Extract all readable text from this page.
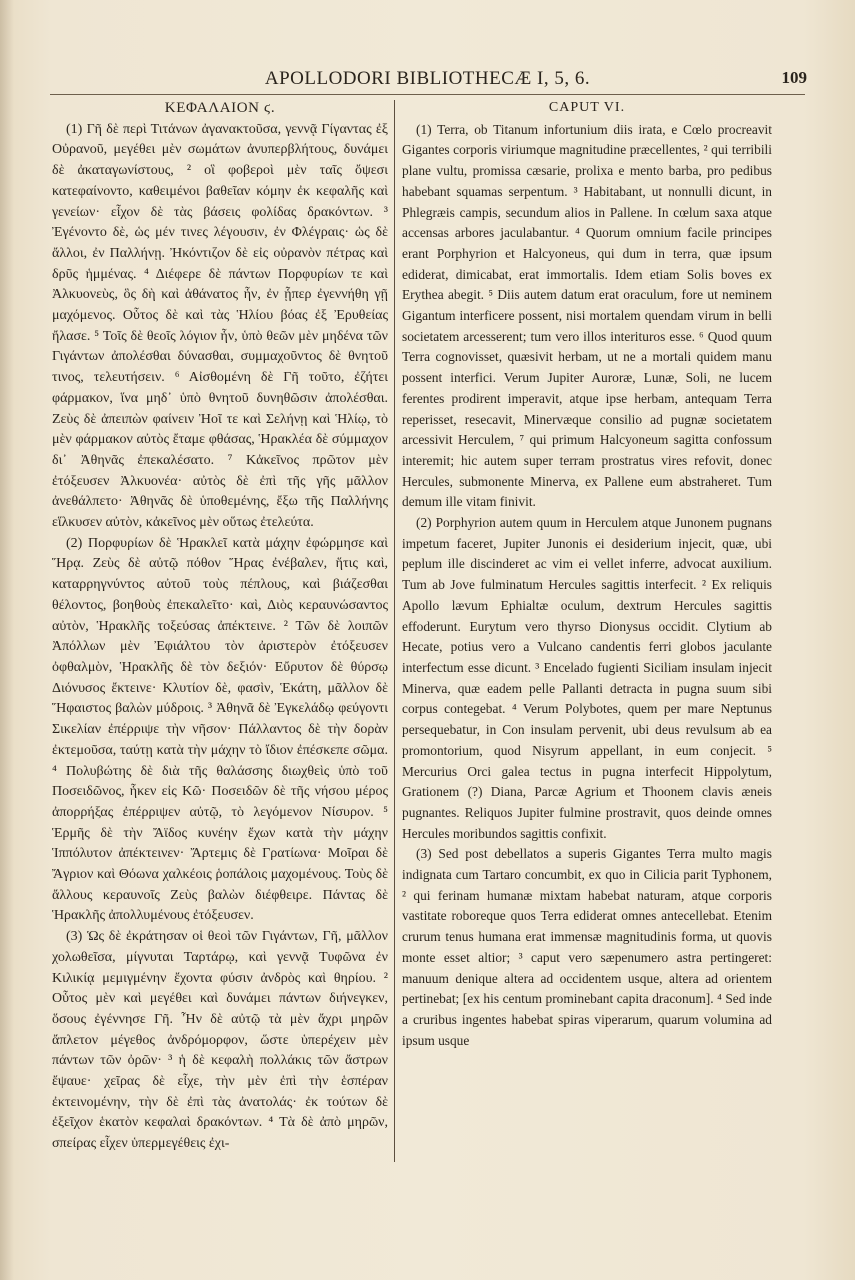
APOLLODORI BIBLIOTHECÆ I, 5, 6.	109
ΚΕΦΑΛΑΙΟΝ ϛ.

(1) Γῆ δὲ περὶ Τιτάνων ἀγανακτοῦσα, γεννᾷ Γίγαντας ἐξ Οὐρανοῦ, μεγέθει μὲν σωμάτων ἀνυπερβλήτους, δυνάμει δὲ ἀκαταγωνίστους, ² οἳ φοβεροὶ μὲν ταῖς ὄψεσι κατεφαίνοντο, καθειμένοι βαθεῖαν κόμην ἐκ κεφαλῆς καὶ γενείων· εἶχον δὲ τὰς βάσεις φολίδας δρακόντων. ³ Ἐγένοντο δὲ, ὡς μέν τινες λέγουσιν, ἐν Φλέγραις· ὡς δὲ ἄλλοι, ἐν Παλλήνῃ. Ἠκόντιζον δὲ εἰς οὐρανὸν πέτρας καὶ δρῦς ἡμμένας. ⁴ Διέφερε δὲ πάντων Πορφυρίων τε καὶ Ἀλκυονεὺς, ὃς δὴ καὶ ἀθάνατος ἦν, ἐν ᾗπερ ἐγεννήθη γῇ μαχόμενος. Οὗτος δὲ καὶ τὰς Ἡλίου βόας ἐξ Ἐρυθείας ἤλασε. ⁵ Τοῖς δὲ θεοῖς λόγιον ἦν, ὑπὸ θεῶν μὲν μηδένα τῶν Γιγάντων ἀπολέσθαι δύνασθαι, συμμαχοῦντος δὲ θνητοῦ τινος, τελευτήσειν. ⁶ Αἰσθομένη δὲ Γῆ τοῦτο, ἐζήτει φάρμακον, ἵνα μηδ᾽ ὑπὸ θνητοῦ δυνηθῶσιν ἀπολέσθαι. Ζεὺς δὲ ἀπειπὼν φαίνειν Ἠοῖ τε καὶ Σελήνῃ καὶ Ἡλίῳ, τὸ μὲν φάρμακον αὐτὸς ἔταμε φθάσας, Ἡρακλέα δὲ σύμμαχον δι᾽ Ἀθηνᾶς ἐπεκαλέσατο. ⁷ Κἀκεῖνος πρῶτον μὲν ἐτόξευσεν Ἀλκυονέα· αὐτὸς δὲ ἐπὶ τῆς γῆς μᾶλλον ἀνεθάλπετο· Ἀθηνᾶς δὲ ὑποθεμένης, ἔξω τῆς Παλλήνης εἵλκυσεν αὐτὸν, κἀκεῖνος μὲν οὕτως ἐτελεύτα.

(2) Πορφυρίων δὲ Ἡρακλεῖ κατὰ μάχην ἐφώρμησε καὶ Ἥρᾳ. Ζεὺς δὲ αὐτῷ πόθον Ἥρας ἐνέβαλεν, ἥτις καὶ, καταρρηγνύντος αὐτοῦ τοὺς πέπλους, καὶ βιάζεσθαι θέλοντος, βοηθοὺς ἐπεκαλεῖτο· καὶ, Διὸς κεραυνώσαντος αὐτὸν, Ἡρακλῆς τοξεύσας ἀπέκτεινε. ² Τῶν δὲ λοιπῶν Ἀπόλλων μὲν Ἐφιάλτου τὸν ἀριστερὸν ἐτόξευσεν ὀφθαλμὸν, Ἡρακλῆς δὲ τὸν δεξιόν· Εὔρυτον δὲ θύρσῳ Διόνυσος ἔκτεινε· Κλυτίον δὲ, φασὶν, Ἑκάτη, μᾶλλον δὲ Ἥφαιστος βαλὼν μύδροις. ³ Ἀθηνᾶ δὲ Ἐγκελάδῳ φεύγοντι Σικελίαν ἐπέρριψε τὴν νῆσον· Πάλλαντος δὲ τὴν δορὰν ἐκτεμοῦσα, ταύτῃ κατὰ τὴν μάχην τὸ ἴδιον ἐπέσκεπε σῶμα. ⁴ Πολυβώτης δὲ διὰ τῆς θαλάσσης διωχθεὶς ὑπὸ τοῦ Ποσειδῶνος, ἧκεν εἰς Κῶ· Ποσειδῶν δὲ τῆς νήσου μέρος ἀπορρήξας ἐπέρριψεν αὐτῷ, τὸ λεγόμενον Νίσυρον. ⁵ Ἑρμῆς δὲ τὴν Ἄϊδος κυνέην ἔχων κατὰ τὴν μάχην Ἱππόλυτον ἀπέκτεινεν· Ἄρτεμις δὲ Γρατίωνα· Μοῖραι δὲ Ἄγριον καὶ Θόωνα χαλκέοις ῥοπάλοις μαχομένους. Τοὺς δὲ ἄλλους κεραυνοῖς Ζεὺς βαλὼν διέφθειρε. Πάντας δὲ Ἡρακλῆς ἀπολλυμένους ἐτόξευσεν.

(3) Ὡς δὲ ἐκράτησαν οἱ θεοὶ τῶν Γιγάντων, Γῆ, μᾶλλον χολωθεῖσα, μίγνυται Ταρτάρῳ, καὶ γεννᾷ Τυφῶνα ἐν Κιλικίᾳ μεμιγμένην ἔχοντα φύσιν ἀνδρὸς καὶ θηρίου. ² Οὗτος μὲν καὶ μεγέθει καὶ δυνάμει πάντων διήνεγκεν, ὅσους ἐγέννησε Γῆ. Ἦν δὲ αὐτῷ τὰ μὲν ἄχρι μηρῶν ἄπλετον μέγεθος ἀνδρόμορφον, ὥστε ὑπερέχειν μὲν πάντων τῶν ὀρῶν· ³ ἡ δὲ κεφαλὴ πολλάκις τῶν ἄστρων ἔψαυε· χεῖρας δὲ εἶχε, τὴν μὲν ἐπὶ τὴν ἑσπέραν ἐκτεινομένην, τὴν δὲ ἐπὶ τὰς ἀνατολάς· ἐκ τούτων δὲ ἐξεῖχον ἑκατὸν κεφαλαὶ δρακόντων. ⁴ Τὰ δὲ ἀπὸ μηρῶν, σπείρας εἶχεν ὑπερμεγέθεις ἐχι-

CAPUT VI.

(1) Terra, ob Titanum infortunium diis irata, e Cœlo procreavit Gigantes corporis viriumque magnitudine præcellentes, ² qui terribili plane vultu, promissa cæsarie, prolixa e mento barba, pro pedibus habebant squamas serpentum. ³ Habitabant, ut nonnulli dicunt, in Phlegræis campis, secundum alios in Pallene. In cœlum saxa atque accensas arbores jaculabantur. ⁴ Quorum omnium facile principes erant Porphyrion et Halcyoneus, qui dum in terra, quæ ipsum ediderat, dimicabat, erat immortalis. Idem etiam Solis boves ex Erythea abegit. ⁵ Diis autem datum erat oraculum, fore ut neminem Gigantum interficere possent, nisi mortalem quendam virum in belli societatem arcesserent; tum vero illos interituros esse. ⁶ Quod quum Terra cognovisset, quæsivit herbam, ut ne a mortali quidem manu possent interfici. Verum Jupiter Auroræ, Lunæ, Soli, ne lucem ferentes prodirent imperavit, atque ipse herbam, antequam Terra reperisset, resecavit, Minervæque consilio ad pugnæ societatem arcessivit Herculem, ⁷ qui primum Halcyoneum sagitta confossum interemit; hic autem super terram prostratus vires refovit, donec Hercules, submonente Minerva, ex Pallene eum abstraheret. Tum demum ille vitam finivit.

(2) Porphyrion autem quum in Herculem atque Junonem pugnans impetum faceret, Jupiter Junonis ei desiderium injecit, quæ, ubi peplum ille discinderet ac vim ei vellet inferre, advocat auxilium. Tum ab Jove fulminatum Hercules sagittis interfecit. ² Ex reliquis Apollo lævum Ephialtæ oculum, dextrum Hercules sagittis effoderunt. Eurytum vero thyrso Dionysus occidit. Clytium ab Hecate, potius vero a Vulcano candentis ferri globos jaculante interfectum esse dicunt. ³ Encelado fugienti Siciliam insulam injecit Minerva, quæ eadem pelle Pallanti detracta in pugna suum sibi corpus contegebat. ⁴ Verum Polybotes, quem per mare Neptunus persequebatur, in Con insulam pervenit, ubi deus revulsum ab ea promontorium, quod Nisyrum appellant, in eum conjecit. ⁵ Mercurius Orci galea tectus in pugna interfecit Hippolytum, Grationem (?) Diana, Parcæ Agrium et Thoonem clavis æneis pugnantes. Reliquos Jupiter fulmine prostravit, quos deinde omnes Hercules moribundos sagittis confixit.

(3) Sed post debellatos a superis Gigantes Terra multo magis indignata cum Tartaro concumbit, ex quo in Cilicia parit Typhonem, ² qui ferinam humanæ mixtam habebat naturam, atque corporis vastitate roboreque quos Terra ediderat omnes antecellebat. Etenim crurum tenus humana erat immensæ magnitudinis forma, ut quovis monte esset altior; ³ caput vero sæpenumero astra pertingeret: manuum denique altera ad occidentem usque, altera ad orientem pertinebat; [ex his centum prominebant capita draconum]. ⁴ Sed inde a cruribus ingentes habebat spiras viperarum, quarum volumina ad ipsum usque
